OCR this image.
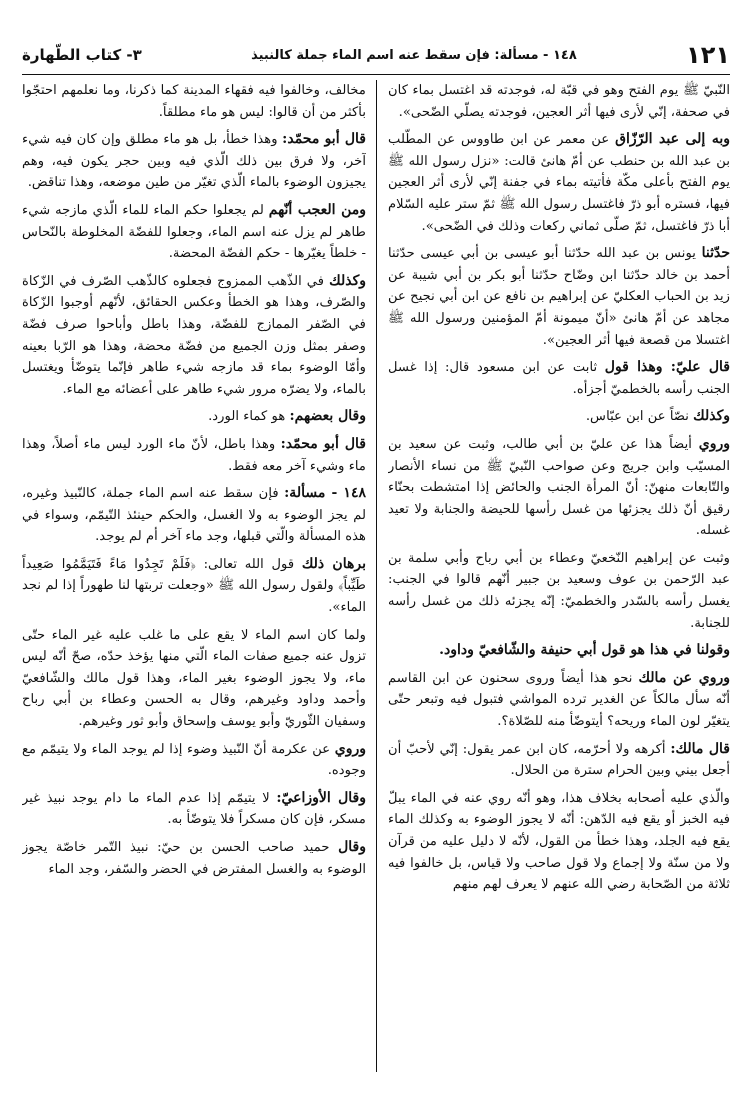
١٢١
١٤٨ - مسألة: فإن سقط عنه اسم الماء جملة كالنبيذ
٣- كتاب الطّهارة

النّبيّ ﷺ يوم الفتح وهو في قبّة له، فوجدته قد اغتسل بماء كان في صحفة، إنّي لأرى فيها أثر العجين، فوجدته يصلّي الضّحى».

وبه إلى عبد الرّزّاق عن معمر عن ابن طاووس عن المطّلب بن عبد الله بن حنطب عن أمّ هانئ قالت: «نزل رسول الله ﷺ يوم الفتح بأعلى مكّة فأتيته بماء في جفنة إنّي لأرى أثر العجين فيها، فستره أبو ذرّ فاغتسل رسول الله ﷺ ثمّ ستر عليه السّلام أبا ذرّ فاغتسل، ثمّ صلّى ثماني ركعات وذلك في الضّحى».

حدّثنا يونس بن عبد الله حدّثنا أبو عيسى بن أبي عيسى حدّثنا أحمد بن خالد حدّثنا ابن وضّاح حدّثنا أبو بكر بن أبي شيبة عن زيد بن الحباب العكليّ عن إبراهيم بن نافع عن ابن أبي نجيح عن مجاهد عن أمّ هانئ «أنّ ميمونة أمّ المؤمنين ورسول الله ﷺ اغتسلا من قصعة فيها أثر العجين».

قال عليّ: وهذا قول ثابت عن ابن مسعود قال: إذا غسل الجنب رأسه بالخطميّ أجزأه.

وكذلك نصّاً عن ابن عبّاس.

وروي أيضاً هذا عن عليّ بن أبي طالب، وثبت عن سعيد بن المسيّب وابن جريج وعن صواحب النّبيّ ﷺ من نساء الأنصار والتّابعات منهنّ: أنّ المرأة الجنب والحائض إذا امتشطت بحنّاء رقيق أنّ ذلك يجزئها من غسل رأسها للحيضة والجنابة ولا تعيد غسله.

وثبت عن إبراهيم النّخعيّ وعطاء بن أبي رباح وأبي سلمة بن عبد الرّحمن بن عوف وسعيد بن جبير أنّهم قالوا في الجنب: يغسل رأسه بالسّدر والخطميّ: إنّه يجزئه ذلك من غسل رأسه للجنابة.

وقولنا في هذا هو قول أبي حنيفة والشّافعيّ وداود.

وروي عن مالك نحو هذا أيضاً وروى سحنون عن ابن القاسم أنّه سأل مالكاً عن الغدير ترده المواشي فتبول فيه وتبعر حتّى يتغيّر لون الماء وريحه؟ أيتوضّأ منه للصّلاة؟.

قال مالك: أكرهه ولا أحرّمه، كان ابن عمر يقول: إنّي لأحبّ أن أجعل بيني وبين الحرام سترة من الحلال.

والّذي عليه أصحابه بخلاف هذا، وهو أنّه روي عنه في الماء يبلّ فيه الخبز أو يقع فيه الدّهن: أنّه لا يجوز الوضوء به وكذلك الماء يقع فيه الجلد، وهذا خطأ من القول، لأنّه لا دليل عليه من قرآن ولا من سنّة ولا إجماع ولا قول صاحب ولا قياس، بل خالفوا فيه ثلاثة من الصّحابة رضي الله عنهم لا يعرف لهم منهم

مخالف، وخالفوا فيه فقهاء المدينة كما ذكرنا، وما نعلمهم احتجّوا بأكثر من أن قالوا: ليس هو ماء مطلقاً.

قال أبو محمّد: وهذا خطأ، بل هو ماء مطلق وإن كان فيه شيء آخر، ولا فرق بين ذلك الّذي فيه وبين حجر يكون فيه، وهم يجيزون الوضوء بالماء الّذي تغيّر من طين موضعه، وهذا تناقض.

ومن العجب أنّهم لم يجعلوا حكم الماء للماء الّذي مازجه شيء طاهر لم يزل عنه اسم الماء، وجعلوا للفضّة المخلوطة بالنّحاس - خلطاً يغيّرها - حكم الفضّة المحضة.

وكذلك في الذّهب الممزوج فجعلوه كالذّهب الصّرف في الزّكاة والصّرف، وهذا هو الخطأ وعكس الحقائق، لأنّهم أوجبوا الزّكاة في الصّفر الممازج للفضّة، وهذا باطل وأباحوا صرف فضّة وصفر بمثل وزن الجميع من فضّة محضة، وهذا هو الرّبا بعينه وأمّا الوضوء بماء قد مازجه شيء طاهر فإنّما يتوضّأ ويغتسل بالماء، ولا يضرّه مرور شيء طاهر على أعضائه مع الماء.

وقال بعضهم: هو كماء الورد.

قال أبو محمّد: وهذا باطل، لأنّ ماء الورد ليس ماء أصلاً، وهذا ماء وشيء آخر معه فقط.

١٤٨ - مسألة: فإن سقط عنه اسم الماء جملة، كالنّبيذ وغيره، لم يجز الوضوء به ولا الغسل، والحكم حينئذ التّيمّم، وسواء في هذه المسألة والّتي قبلها، وجد ماء آخر أم لم يوجد.

برهان ذلك قول الله تعالى: ﴿فَلَمْ تَجِدُوا مَاءً فَتَيَمَّمُوا صَعِيداً طَيِّباً﴾ ولقول رسول الله ﷺ «وجعلت تربتها لنا طهوراً إذا لم نجد الماء».

ولما كان اسم الماء لا يقع على ما غلب عليه غير الماء حتّى تزول عنه جميع صفات الماء الّتي منها يؤخذ حدّه، صحّ أنّه ليس ماء، ولا يجوز الوضوء بغير الماء، وهذا قول مالك والشّافعيّ وأحمد وداود وغيرهم، وقال به الحسن وعطاء بن أبي رباح وسفيان الثّوريّ وأبو يوسف وإسحاق وأبو ثور وغيرهم.

وروي عن عكرمة أنّ النّبيذ وضوء إذا لم يوجد الماء ولا يتيمّم مع وجوده.

وقال الأوزاعيّ: لا يتيمّم إذا عدم الماء ما دام يوجد نبيذ غير مسكر، فإن كان مسكراً فلا يتوضّأ به.

وقال حميد صاحب الحسن بن حيّ: نبيذ التّمر خاصّة يجوز الوضوء به والغسل المفترض في الحضر والسّفر، وجد الماء
